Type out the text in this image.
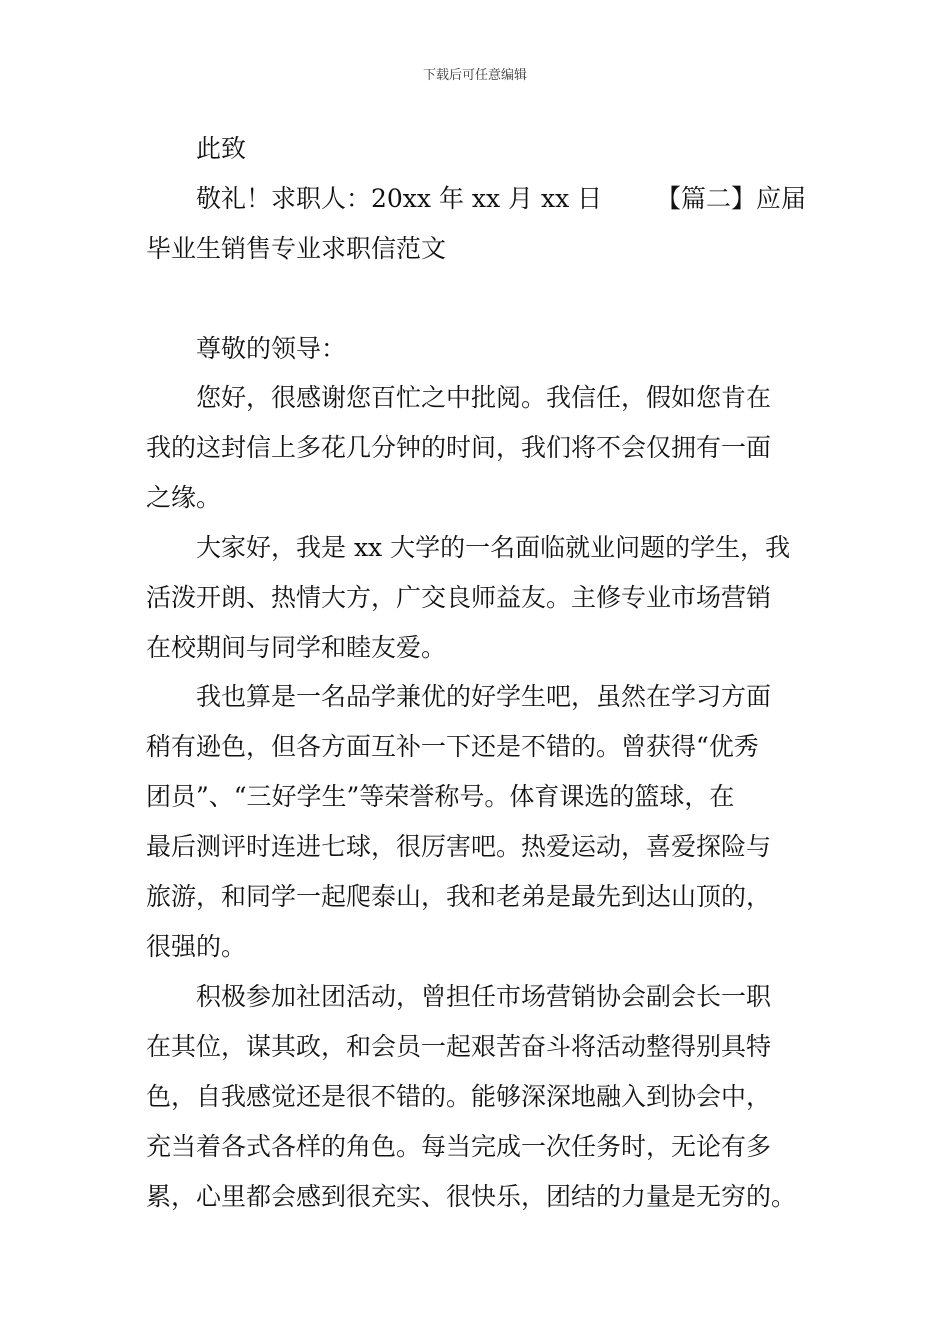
下载后可任意编辑
此致
敬礼！求职人：20xx 年 xx 月 xx 日 【篇二】应届
毕业生销售专业求职信范文
尊敬的领导：
您好，很感谢您百忙之中批阅。我信任，假如您肯在
我的这封信上多花几分钟的时间，我们将不会仅拥有一面
之缘。
大家好，我是 xx 大学的一名面临就业问题的学生，我
活泼开朗、热情大方，广交良师益友。主修专业市场营销
在校期间与同学和睦友爱。
我也算是一名品学兼优的好学生吧，虽然在学习方面
稍有逊色，但各方面互补一下还是不错的。曾获得“优秀
团员”、“三好学生”等荣誉称号。体育课选的篮球，在
最后测评时连进七球，很厉害吧。热爱运动，喜爱探险与
旅游，和同学一起爬泰山，我和老弟是最先到达山顶的，
很强的。
积极参加社团活动，曾担任市场营销协会副会长一职
在其位，谋其政，和会员一起艰苦奋斗将活动整得别具特
色，自我感觉还是很不错的。能够深深地融入到协会中，
充当着各式各样的角色。每当完成一次任务时，无论有多
累，心里都会感到很充实、很快乐，团结的力量是无穷的。
